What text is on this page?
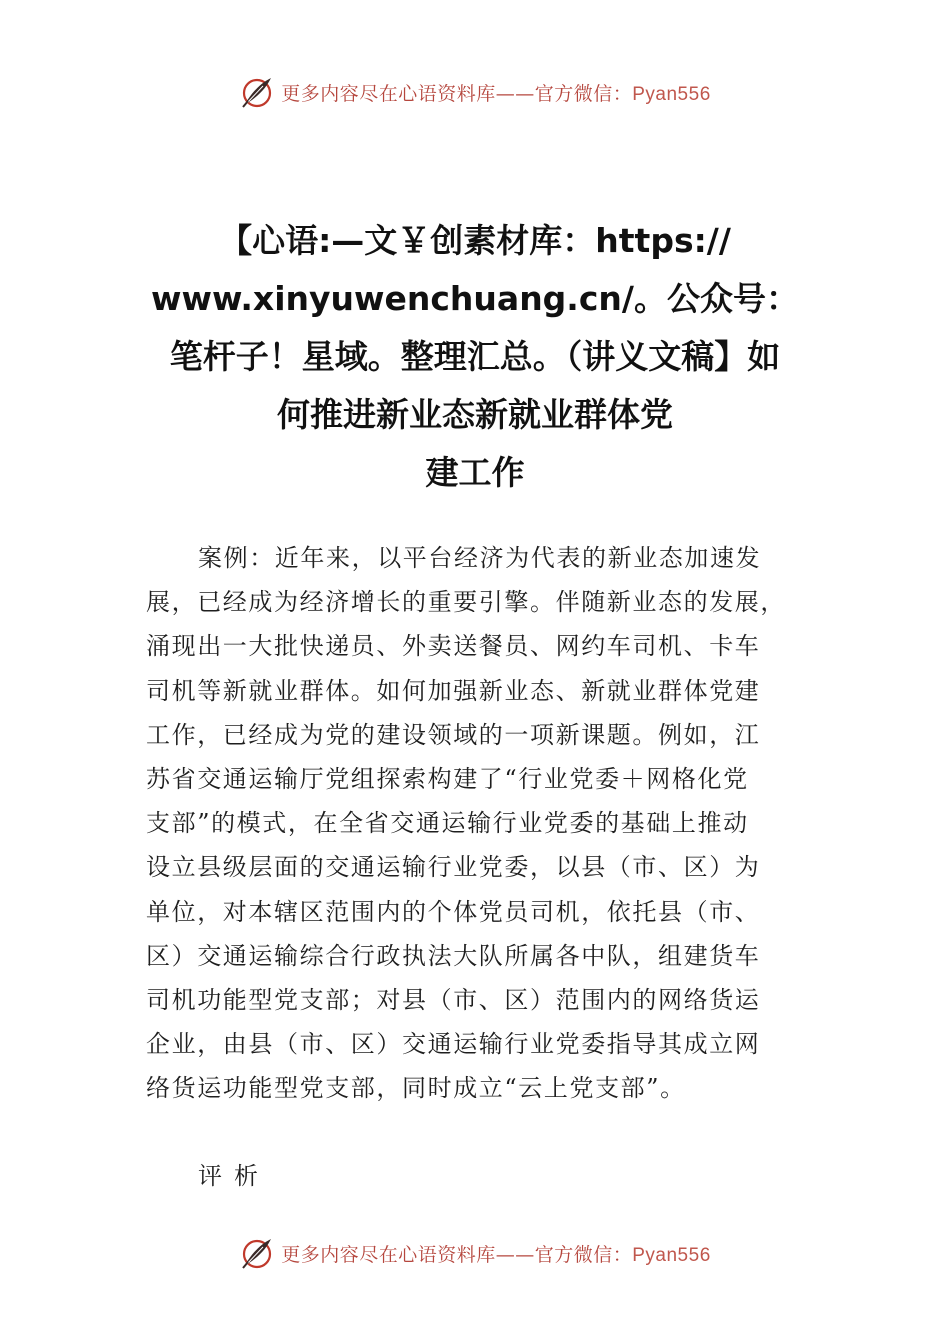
更多内容尽在心语资料库——官方微信：Pyan556
【心语:—文￥创素材库：https://
www.xinyuwenchuang.cn/。公众号：
笔杆子！星域。整理汇总。（讲义文稿】如
何推进新业态新就业群体党
建工作
案例：近年来，以平台经济为代表的新业态加速发
展，已经成为经济增长的重要引擎。伴随新业态的发展，
涌现出一大批快递员、外卖送餐员、网约车司机、卡车
司机等新就业群体。如何加强新业态、新就业群体党建
工作，已经成为党的建设领域的一项新课题。例如，江
苏省交通运输厅党组探索构建了“行业党委＋网格化党
支部”的模式，在全省交通运输行业党委的基础上推动
设立县级层面的交通运输行业党委，以县（市、区）为
单位，对本辖区范围内的个体党员司机，依托县（市、
区）交通运输综合行政执法大队所属各中队，组建货车
司机功能型党支部；对县（市、区）范围内的网络货运
企业，由县（市、区）交通运输行业党委指导其成立网
络货运功能型党支部，同时成立“云上党支部”。
评析
更多内容尽在心语资料库——官方微信：Pyan556
